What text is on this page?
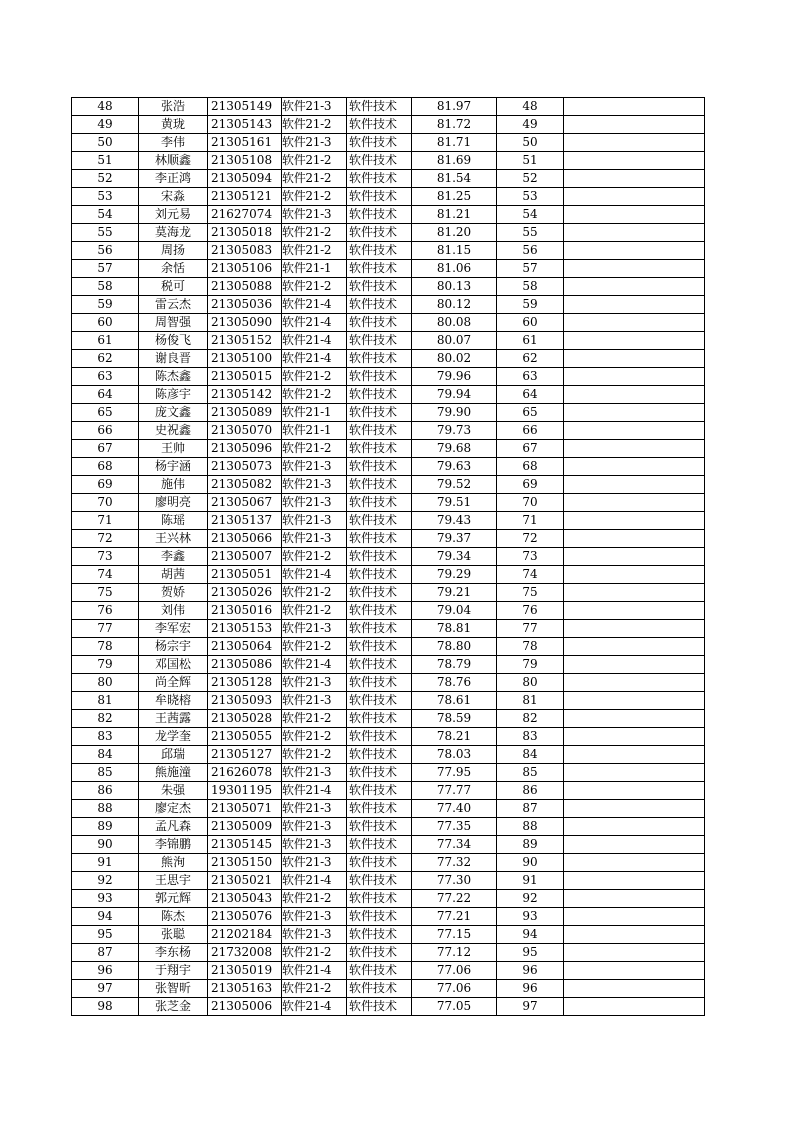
48	张浩	21305149	软件21-3	软件技术	81.97	48	
49	黄珑	21305143	软件21-2	软件技术	81.72	49	
50	李伟	21305161	软件21-3	软件技术	81.71	50	
51	林顺鑫	21305108	软件21-2	软件技术	81.69	51	
52	李正鸿	21305094	软件21-2	软件技术	81.54	52	
53	宋淼	21305121	软件21-2	软件技术	81.25	53	
54	刘元易	21627074	软件21-3	软件技术	81.21	54	
55	莫海龙	21305018	软件21-2	软件技术	81.20	55	
56	周扬	21305083	软件21-2	软件技术	81.15	56	
57	余恬	21305106	软件21-1	软件技术	81.06	57	
58	税可	21305088	软件21-2	软件技术	80.13	58	
59	雷云杰	21305036	软件21-4	软件技术	80.12	59	
60	周智强	21305090	软件21-4	软件技术	80.08	60	
61	杨俊飞	21305152	软件21-4	软件技术	80.07	61	
62	谢良晋	21305100	软件21-4	软件技术	80.02	62	
63	陈杰鑫	21305015	软件21-2	软件技术	79.96	63	
64	陈彦宇	21305142	软件21-2	软件技术	79.94	64	
65	庞文鑫	21305089	软件21-1	软件技术	79.90	65	
66	史祝鑫	21305070	软件21-1	软件技术	79.73	66	
67	王帅	21305096	软件21-2	软件技术	79.68	67	
68	杨宇涵	21305073	软件21-3	软件技术	79.63	68	
69	施伟	21305082	软件21-3	软件技术	79.52	69	
70	廖明亮	21305067	软件21-3	软件技术	79.51	70	
71	陈瑶	21305137	软件21-3	软件技术	79.43	71	
72	王兴林	21305066	软件21-3	软件技术	79.37	72	
73	李鑫	21305007	软件21-2	软件技术	79.34	73	
74	胡茜	21305051	软件21-4	软件技术	79.29	74	
75	贺娇	21305026	软件21-2	软件技术	79.21	75	
76	刘伟	21305016	软件21-2	软件技术	79.04	76	
77	李军宏	21305153	软件21-3	软件技术	78.81	77	
78	杨宗宇	21305064	软件21-2	软件技术	78.80	78	
79	邓国松	21305086	软件21-4	软件技术	78.79	79	
80	尚全辉	21305128	软件21-3	软件技术	78.76	80	
81	牟晓榕	21305093	软件21-3	软件技术	78.61	81	
82	王茜露	21305028	软件21-2	软件技术	78.59	82	
83	龙学奎	21305055	软件21-2	软件技术	78.21	83	
84	邱瑞	21305127	软件21-2	软件技术	78.03	84	
85	熊施潼	21626078	软件21-3	软件技术	77.95	85	
86	朱强	19301195	软件21-4	软件技术	77.77	86	
88	廖定杰	21305071	软件21-3	软件技术	77.40	87	
89	孟凡森	21305009	软件21-3	软件技术	77.35	88	
90	李锦鹏	21305145	软件21-3	软件技术	77.34	89	
91	熊洵	21305150	软件21-3	软件技术	77.32	90	
92	王思宇	21305021	软件21-4	软件技术	77.30	91	
93	郭元辉	21305043	软件21-2	软件技术	77.22	92	
94	陈杰	21305076	软件21-3	软件技术	77.21	93	
95	张聪	21202184	软件21-3	软件技术	77.15	94	
87	李东杨	21732008	软件21-2	软件技术	77.12	95	
96	于翔宇	21305019	软件21-4	软件技术	77.06	96	
97	张智昕	21305163	软件21-2	软件技术	77.06	96	
98	张芝金	21305006	软件21-4	软件技术	77.05	97	
